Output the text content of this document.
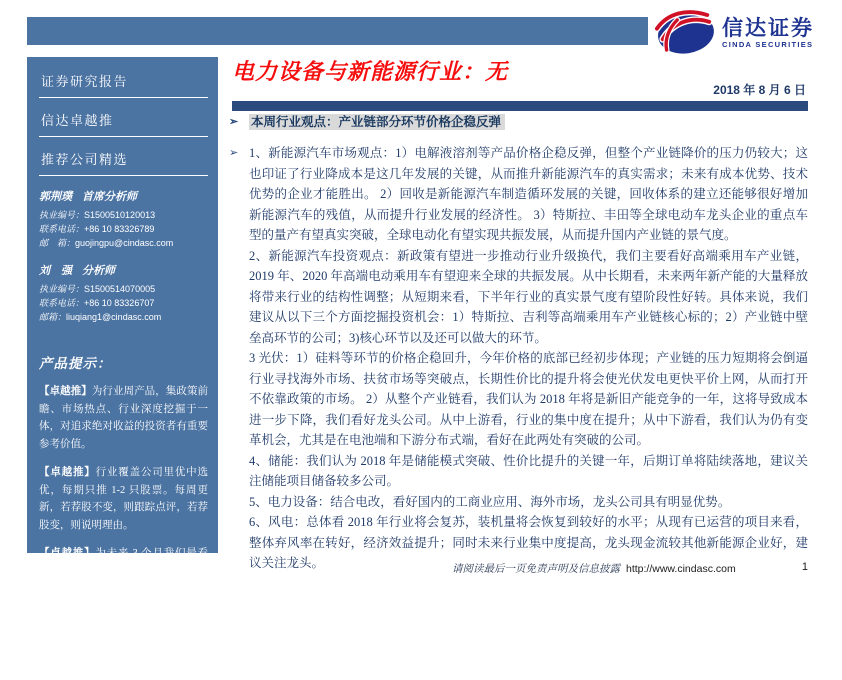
信达证券
CINDA SECURITIES
证券研究报告
信达卓越推
推荐公司精选
郭荆璞 首席分析师
执业编号：S1500510120013
联系电话：+86 10 83326789
邮　箱：guojingpu@cindasc.com
刘　强 分析师
执业编号：S1500514070005
联系电话：+86 10 83326707
邮箱：liuqiang1@cindasc.com
产品提示：
【卓越推】为行业周产品，集政策前瞻、市场热点、行业深度挖掘于一体，对追求绝对收益的投资者有重要参考价值。
【卓越推】行业覆盖公司里优中选优，每期只推 1-2 只股票。每周更新，若荐股不变，则跟踪点评，若荐股变，则说明理由。
【卓越推】为未来 3 个月我们最看好、我们认为这些股票走势将显著战胜市场、建议重点配置。
信达证券股份有限公司
CINDA SECURITIES CO.,LTD
北京市西城区闹市口大街 9 号院 1 号楼
邮编：100031
电力设备与新能源行业：无
2018 年 8 月 6 日
➢ 本周行业观点：产业链部分环节价格企稳反弹
➢ 1、新能源汽车市场观点：1）电解液溶剂等产品价格企稳反弹，但整个产业链降价的压力仍较大；这也印证了行业降成本是这几年发展的关键，从而推升新能源汽车的真实需求；未来有成本优势、技术优势的企业才能胜出。 2）回收是新能源汽车制造循环发展的关键，回收体系的建立还能够很好增加新能源汽车的残值，从而提升行业发展的经济性。 3）特斯拉、丰田等全球电动车龙头企业的重点车型的量产有望真实突破，全球电动化有望实现共振发展，从而提升国内产业链的景气度。
2、新能源汽车投资观点：新政策有望进一步推动行业升级换代，我们主要看好高端乘用车产业链，2019 年、2020 年高端电动乘用车有望迎来全球的共振发展。从中长期看，未来两年新产能的大量释放将带来行业的结构性调整；从短期来看，下半年行业的真实景气度有望阶段性好转。具体来说，我们建议从以下三个方面挖掘投资机会：1）特斯拉、吉利等高端乘用车产业链核心标的；2）产业链中壁垒高环节的公司；3)核心环节以及还可以做大的环节。
3 光伏：1）硅料等环节的价格企稳回升，今年价格的底部已经初步体现；产业链的压力短期将会倒逼行业寻找海外市场、扶贫市场等突破点，长期性价比的提升将会使光伏发电更快平价上网，从而打开不依靠政策的市场。 2）从整个产业链看，我们认为 2018 年将是新旧产能竞争的一年，这将导致成本进一步下降，我们看好龙头公司。从中上游看，行业的集中度在提升；从中下游看，我们认为仍有变革机会，尤其是在电池端和下游分布式端，看好在此两处有突破的公司。
4、储能：我们认为 2018 年是储能模式突破、性价比提升的关键一年，后期订单将陆续落地，建议关注储能项目储备较多公司。
5、电力设备：结合电改，看好国内的工商业应用、海外市场，龙头公司具有明显优势。
6、风电：总体看 2018 年行业将会复苏，装机量将会恢复到较好的水平；从现有已运营的项目来看，整体弃风率在转好，经济效益提升；同时未来行业集中度提高，龙头现金流较其他新能源企业好，建议关注龙头。	请阅读最后一页免责声明及信息披露 http://www.cindasc.com	1
